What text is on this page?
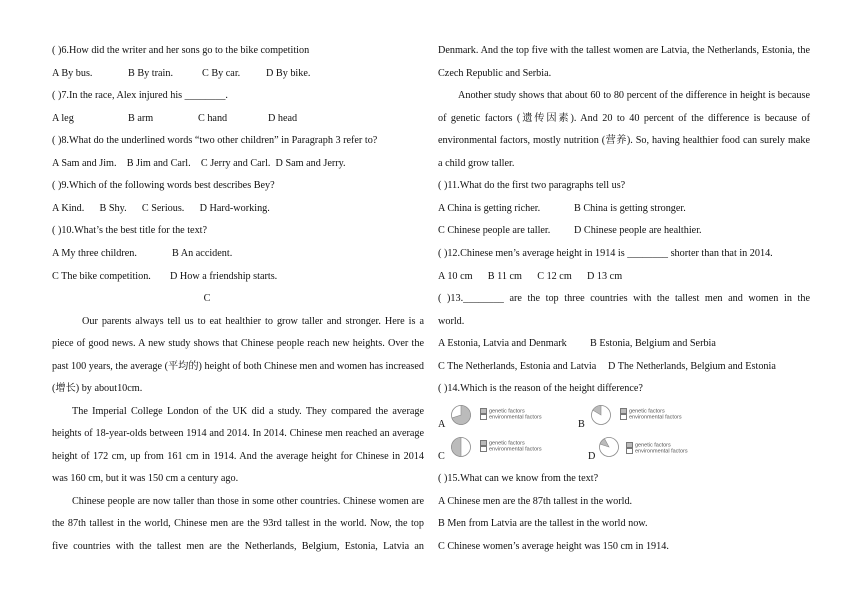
( )6.How did the writer and her sons go to the bike competition
A By bus.	B By train.	C By car.	D By bike.
( )7.In the race, Alex injured his ________.
A leg	B arm	C hand	D head
( )8.What do the underlined words “two other children” in Paragraph 3 refer to?
A Sam and Jim.    B Jim and Carl.    C Jerry and Carl.  D Sam and Jerry.
( )9.Which of the following words best describes Bey?
A Kind.      B Shy.      C Serious.      D Hard-working.
( )10.What’s the best title for the text?
A My three children.	B An accident.
C The bike competition. D How a friendship starts.
C
Our parents always tell us to eat healthier to grow taller and stronger. Here is a
piece of good news. A new study shows that Chinese people reach new heights. Over the
past 100 years, the average (平均的) height of both Chinese men and women has increased
(增长) by about10cm.
The Imperial College London of the UK did a study. They compared the average
heights of 18-year-olds between 1914 and 2014. In 2014. Chinese men reached an average
height of 172 cm, up from 161 cm in 1914. And the average height for Chinese in 2014
was 160 cm, but it was 150 cm a century ago.
Chinese people are now taller than those in some other countries. Chinese women are
the 87th tallest in the world, Chinese men are the 93rd tallest in the world. Now, the top
five countries with the tallest men are the Netherlands, Belgium, Estonia, Latvia an
Denmark. And the top five with the tallest women are Latvia, the Netherlands, Estonia, the
Czech Republic and Serbia.
Another study shows that about 60 to 80 percent of the difference in height is because
of genetic factors (遗传因素). And 20 to 40 percent of the difference is because of
environmental factors, mostly nutrition (营养). So, having healthier food can surely make
a child grow taller.
( )11.What do the first two paragraphs tell us?
A China is getting richer.	B China is getting stronger.
C Chinese people are taller. D Chinese people are healthier.
( )12.Chinese men’s average height in 1914 is ________ shorter than that in 2014.
A 10 cm      B 11 cm      C 12 cm      D 13 cm
( )13.________ are the top three countries with the tallest men and women in the
world.
A Estonia, Latvia and Denmark B Estonia, Belgium and Serbia
C The Netherlands, Estonia and Latvia D The Netherlands, Belgium and Estonia
( )14.Which is the reason of the height difference?
A
genetic factors
environmental factors
B
genetic factors
environmental factors
C
genetic factors
environmental factors
D
genetic factors
environmental factors
( )15.What can we know from the text?
A Chinese men are the 87th tallest in the world.
B Men from Latvia are the tallest in the world now.
C Chinese women’s average height was 150 cm in 1914.
